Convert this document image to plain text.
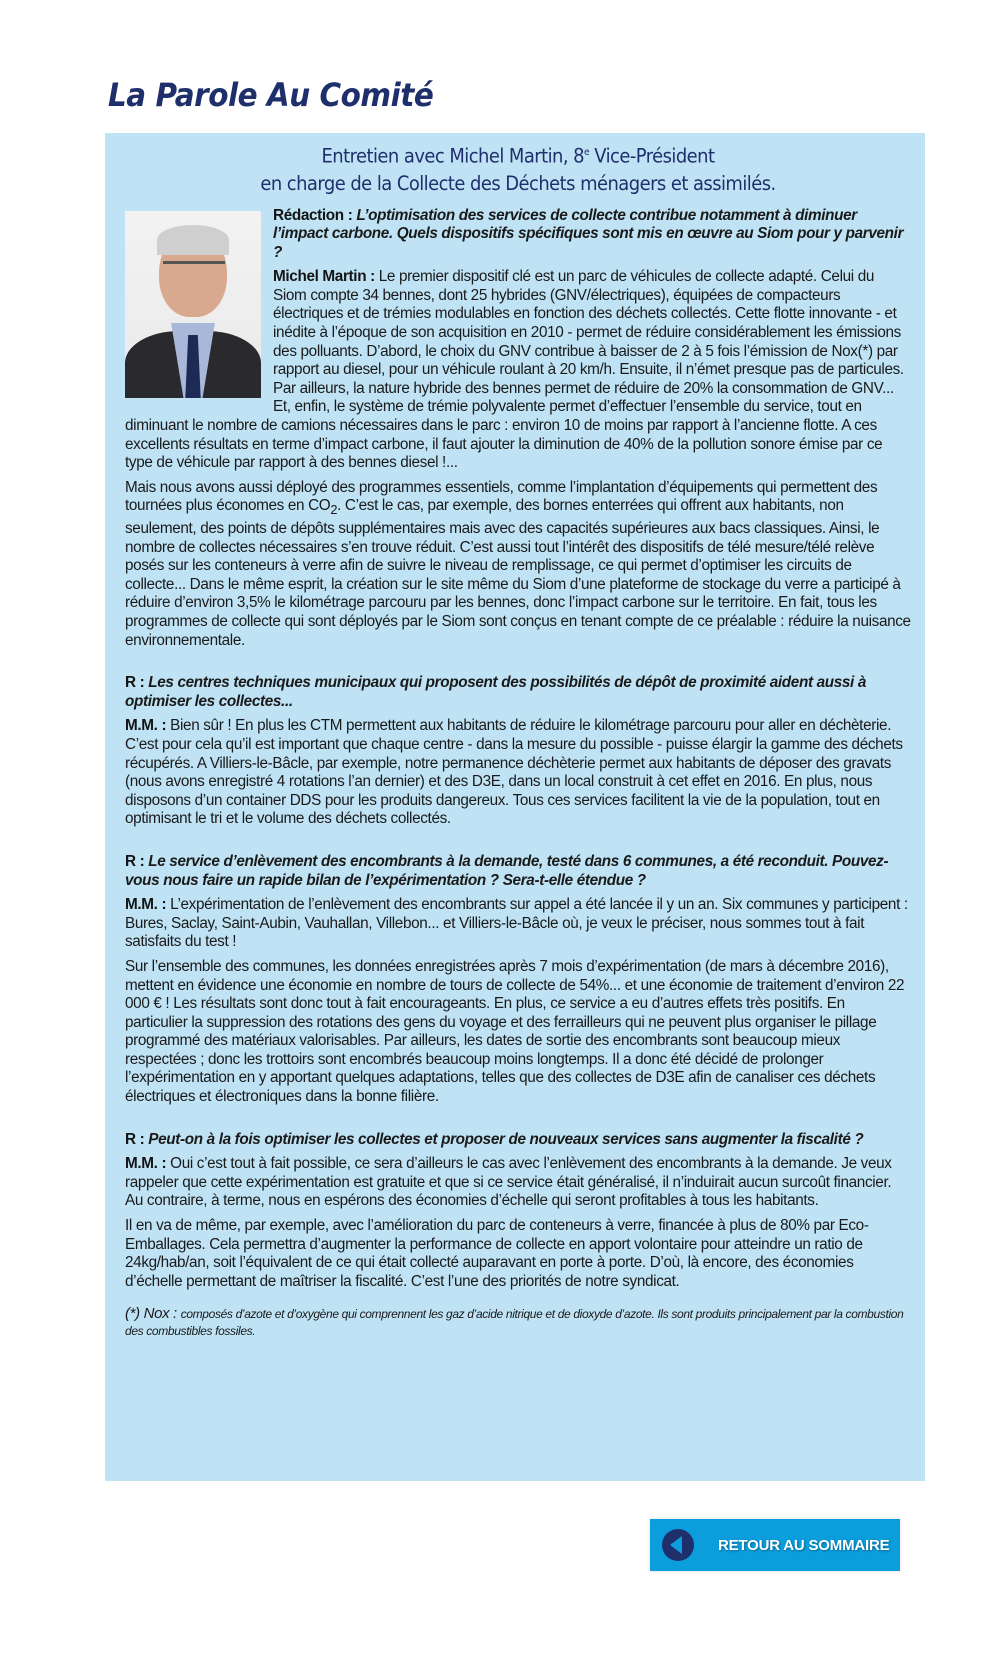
La Parole Au Comité
Entretien avec Michel Martin, 8e Vice-Président
en charge de la Collecte des Déchets ménagers et assimilés.

Rédaction : L’optimisation des services de collecte contribue notamment à diminuer l’impact carbone. Quels dispositifs spécifiques sont mis en œuvre au Siom pour y parvenir ?

Michel Martin : Le premier dispositif clé est un parc de véhicules de collecte adapté. Celui du Siom compte 34 bennes, dont 25 hybrides (GNV/électriques), équipées de compacteurs électriques et de trémies modulables en fonction des déchets collectés. Cette flotte innovante - et inédite à l’époque de son acquisition en 2010 - permet de réduire considérablement les émissions des polluants. D’abord, le choix du GNV contribue à baisser de 2 à 5 fois l’émission de Nox(*) par rapport au diesel, pour un véhicule roulant à 20 km/h. Ensuite, il n’émet presque pas de particules. Par ailleurs, la nature hybride des bennes permet de réduire de 20% la consommation de GNV... Et, enfin, le système de trémie polyvalente permet d’effectuer l’ensemble du service, tout en diminuant le nombre de camions nécessaires dans le parc : environ 10 de moins par rapport à l’ancienne flotte. A ces excellents résultats en terme d’impact carbone, il faut ajouter la diminution de 40% de la pollution sonore émise par ce type de véhicule par rapport à des bennes diesel !...

Mais nous avons aussi déployé des programmes essentiels, comme l’implantation d’équipements qui permettent des tournées plus économes en $CO_2$. C’est le cas, par exemple, des bornes enterrées qui offrent aux habitants, non seulement, des points de dépôts supplémentaires mais avec des capacités supérieures aux bacs classiques. Ainsi, le nombre de collectes nécessaires s’en trouve réduit. C’est aussi tout l’intérêt des dispositifs de télé mesure/télé relève posés sur les conteneurs à verre afin de suivre le niveau de remplissage, ce qui permet d’optimiser les circuits de collecte... Dans le même esprit, la création sur le site même du Siom d’une plateforme de stockage du verre a participé à réduire d’environ 3,5% le kilométrage parcouru par les bennes, donc l’impact carbone sur le territoire. En fait, tous les programmes de collecte qui sont déployés par le Siom sont conçus en tenant compte de ce préalable : réduire la nuisance environnementale.

R : Les centres techniques municipaux qui proposent des possibilités de dépôt de proximité aident aussi à optimiser les collectes...

M.M. : Bien sûr ! En plus les CTM permettent aux habitants de réduire le kilométrage parcouru pour aller en déchèterie. C’est pour cela qu’il est important que chaque centre - dans la mesure du possible - puisse élargir la gamme des déchets récupérés. A Villiers-le-Bâcle, par exemple, notre permanence déchèterie permet aux habitants de déposer des gravats (nous avons enregistré 4 rotations l’an dernier) et des D3E, dans un local construit à cet effet en 2016. En plus, nous disposons d’un container DDS pour les produits dangereux. Tous ces services facilitent la vie de la population, tout en optimisant le tri et le volume des déchets collectés.

R : Le service d’enlèvement des encombrants à la demande, testé dans 6 communes, a été reconduit. Pouvez-vous nous faire un rapide bilan de l’expérimentation ? Sera-t-elle étendue ?

M.M. : L’expérimentation de l’enlèvement des encombrants sur appel a été lancée il y un an. Six communes y participent : Bures, Saclay, Saint-Aubin, Vauhallan, Villebon... et Villiers-le-Bâcle où, je veux le préciser, nous sommes tout à fait satisfaits du test !

Sur l’ensemble des communes, les données enregistrées après 7 mois d’expérimentation (de mars à décembre 2016), mettent en évidence une économie en nombre de tours de collecte de 54%... et une économie de traitement d’environ 22 000 € ! Les résultats sont donc tout à fait encourageants. En plus, ce service a eu d’autres effets très positifs. En particulier la suppression des rotations des gens du voyage et des ferrailleurs qui ne peuvent plus organiser le pillage programmé des matériaux valorisables. Par ailleurs, les dates de sortie des encombrants sont beaucoup mieux respectées ; donc les trottoirs sont encombrés beaucoup moins longtemps. Il a donc été décidé de prolonger l’expérimentation en y apportant quelques adaptations, telles que des collectes de D3E afin de canaliser ces déchets électriques et électroniques dans la bonne filière.

R : Peut-on à la fois optimiser les collectes et proposer de nouveaux services sans augmenter la fiscalité ?

M.M. : Oui c’est tout à fait possible, ce sera d’ailleurs le cas avec l’enlèvement des encombrants à la demande. Je veux rappeler que cette expérimentation est gratuite et que si ce service était généralisé, il n’induirait aucun surcoût financier. Au contraire, à terme, nous en espérons des économies d’échelle qui seront profitables à tous les habitants.

Il en va de même, par exemple, avec l’amélioration du parc de conteneurs à verre, financée à plus de 80% par Eco-Emballages. Cela permettra d’augmenter la performance de collecte en apport volontaire pour atteindre un ratio de 24kg/hab/an, soit l’équivalent de ce qui était collecté auparavant en porte à porte. D’où, là encore, des économies d’échelle permettant de maîtriser la fiscalité. C’est l’une des priorités de notre syndicat.

(*) Nox : composés d’azote et d’oxygène qui comprennent les gaz d’acide nitrique et de dioxyde d’azote. Ils sont produits principalement par la combustion des combustibles fossiles.
RETOUR AU SOMMAIRE
